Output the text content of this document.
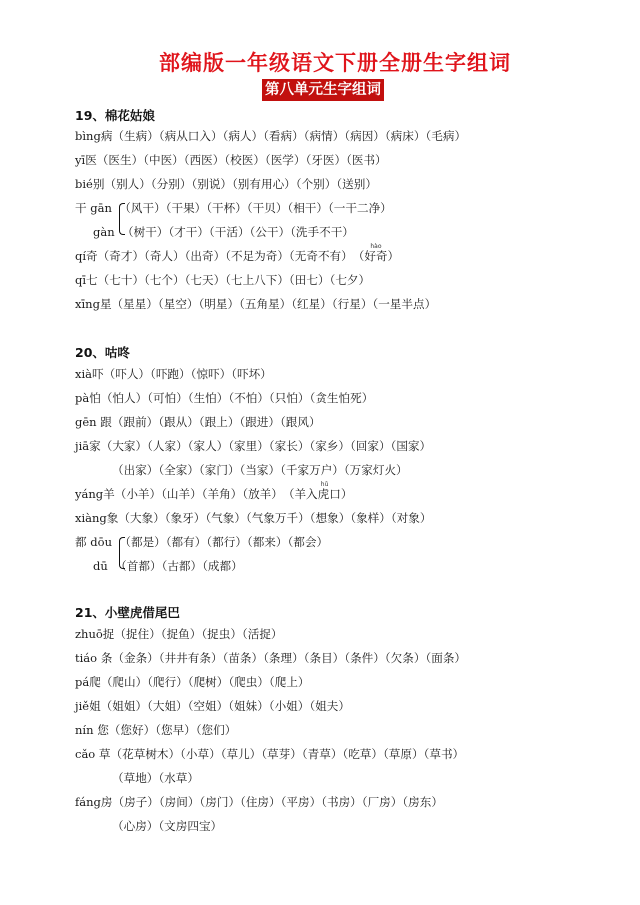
部编版一年级语文下册全册生字组词
第八单元生字组词
19、棉花姑娘
bìng病（生病）（病从口入）（病人）（看病）（病情）（病因）（病床）（毛病）
yī医（医生）（中医）（西医）（校医）（医学）（牙医）（医书）
bié别（别人）（分别）（别说）（别有用心）（个别）（送别）
干 gān （风干）（干果）（干杯）（干贝）（相干）（一干二净）
gàn （树干）（才干）（干活）（公干）（洗手不干）
qí奇（奇才）（奇人）（出奇）（不足为奇）（无奇不有）
hào
（好奇）
qī七（七十）（七个）（七天）（七上八下）（田七）（七夕）
xīng星（星星）（星空）（明星）（五角星）（红星）（行星）（一星半点）
20、咕咚
xià吓（吓人）（吓跑）（惊吓）（吓坏）
pà怕（怕人）（可怕）（生怕）（不怕）（只怕）（贪生怕死）
gēn 跟（跟前）（跟从）（跟上）（跟进）（跟风）
jiā家（大家）（人家）（家人）（家里）（家长）（家乡）（回家）（国家）
（出家）（全家）（家门）（当家）（千家万户）（万家灯火）
yáng羊（小羊）（山羊）（羊角）（放羊）
hǔ
（羊入虎口）
xiàng象（大象）（象牙）（气象）（气象万千）（想象）（象样）（对象）
都 dōu （都是）（都有）（都行）（都来）（都会）
dū （首都）（古都）（成都）
21、小壁虎借尾巴
zhuō捉（捉住）（捉鱼）（捉虫）（活捉）
tiáo 条（金条）（井井有条）（苗条）（条理）（条目）（条件）（欠条）（面条）
pá爬（爬山）（爬行）（爬树）（爬虫）（爬上）
jiě姐（姐姐）（大姐）（空姐）（姐妹）（小姐）（姐夫）
nín 您（您好）（您早）（您们）
cǎo 草（花草树木）（小草）（草儿）（草芽）（青草）（吃草）（草原）（草书）
（草地）（水草）
fáng房（房子）（房间）（房门）（住房）（平房）（书房）（厂房）（房东）
（心房）（文房四宝）
